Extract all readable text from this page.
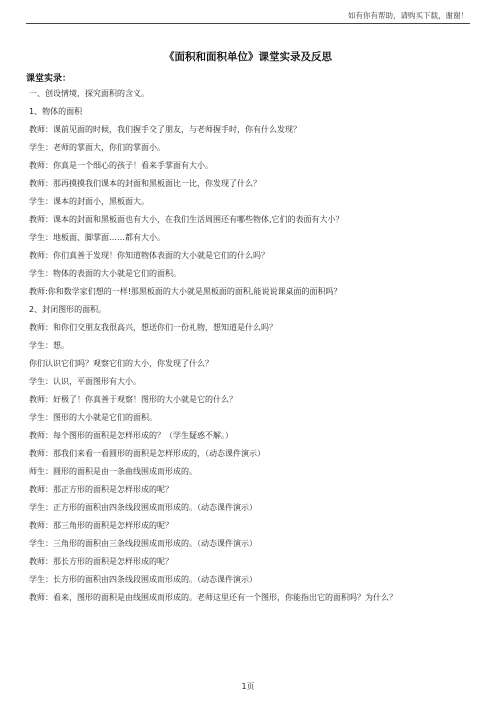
如有你有帮助，请购买下载，谢谢！
《面积和面积单位》课堂实录及反思
课堂实录：
一、创设情境，探究面积的含义。
1、物体的面积
教师：课前见面的时候，我们握手交了朋友，与老师握手时，你有什么发现？
学生：老师的掌面大，你们的掌面小。
教师：你真是一个细心的孩子！看来手掌面有大小。
教师：那再摸摸我们课本的封面和黑板面比一比，你发现了什么？
学生：课本的封面小，黑板面大。
教师：课本的封面和黑板面也有大小，在我们生活周围还有哪些物体,它们的表面有大小？
学生：地板面、脚掌面……都有大小。
教师：你们真善于发现！你知道物体表面的大小就是它们的什么吗？
学生：物体的表面的大小就是它们的面积。
教师:你和数学家们想的一样!那黑板面的大小就是黑板面的面积,能说说课桌面的面积吗？
2、封闭图形的面积。
教师：和你们交朋友我很高兴，想送你们一份礼物，想知道是什么吗？
学生：想。
你们认识它们吗？观察它们的大小，你发现了什么？
学生：认识，平面图形有大小。
教师：好极了！你真善于观察！图形的大小就是它的什么？
学生：图形的大小就是它们的面积。
教师：每个图形的面积是怎样形成的？（学生疑惑不解。）
教师：那我们来看一看圆形的面积是怎样形成的，（动态课件演示）
师生：圆形的面积是由一条曲线围成而形成的。
教师：那正方形的面积是怎样形成的呢？
学生：正方形的面积由四条线段围成而形成的。（动态课件演示）
教师：那三角形的面积是怎样形成的呢？
学生：三角形的面积由三条线段围成而形成的。（动态课件演示）
教师：那长方形的面积是怎样形成的呢？
学生：长方形的面积由四条线段围成而形成的。（动态课件演示）
教师：看来，图形的面积是由线围成而形成的。老师这里还有一个图形，你能指出它的面积吗？为什么？
1页
